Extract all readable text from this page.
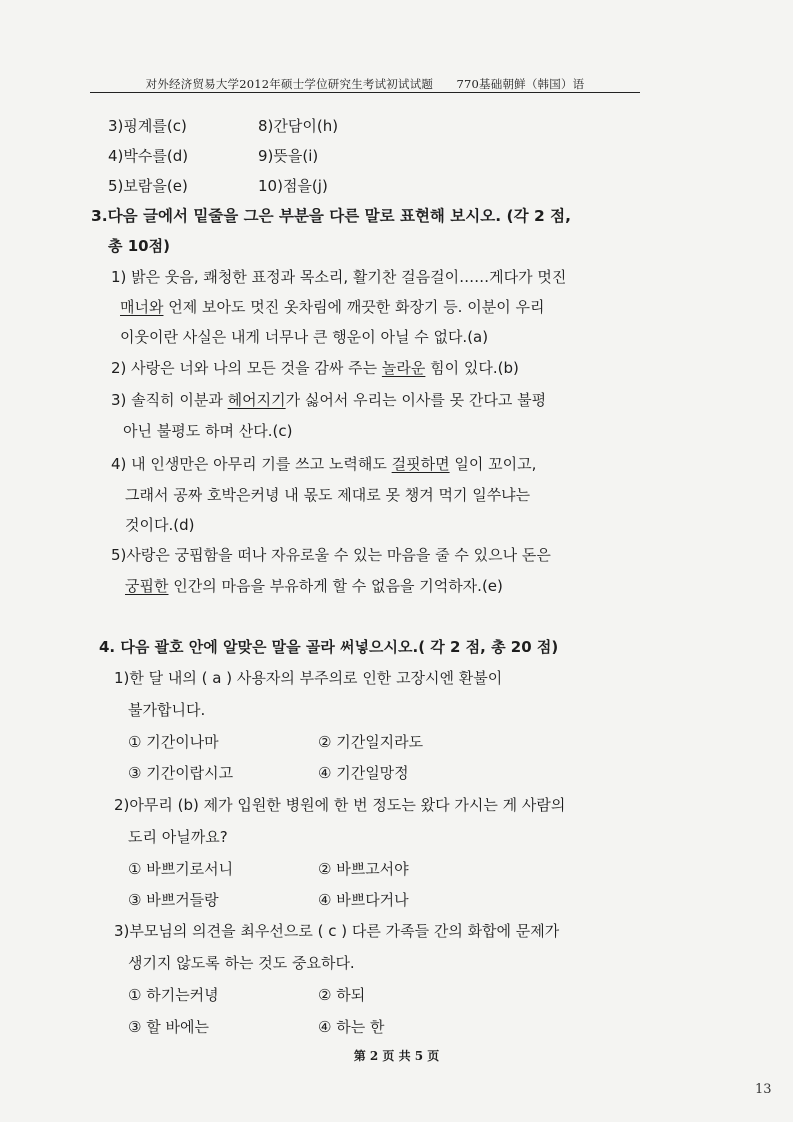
对外经济贸易大学2012年硕士学位研究生考试初试试题　　770基础朝鲜（韩国）语
3)핑계를(c)	8)간담이(h)
4)박수를(d)	9)뜻을(i)
5)보람을(e)	10)점을(j)
3.다음 글에서 밑줄을 그은 부분을 다른 말로 표현해 보시오. (각 2 점,
총 10점)
1) 밝은 웃음, 쾌청한 표정과 목소리, 활기찬 걸음걸이……게다가 멋진
매너와 언제 보아도 멋진 옷차림에 깨끗한 화장기 등. 이분이 우리
이웃이란 사실은 내게 너무나 큰 행운이 아닐 수 없다.(a)
2) 사랑은 너와 나의 모든 것을 감싸 주는 놀라운 힘이 있다.(b)
3) 솔직히 이분과 헤어지기가 싫어서 우리는 이사를 못 간다고 불평
아닌 불평도 하며 산다.(c)
4) 내 인생만은 아무리 기를 쓰고 노력해도 걸핏하면 일이 꼬이고,
그래서 공짜 호박은커녕 내 몫도 제대로 못 챙겨 먹기 일쑤냐는
것이다.(d)
5)사랑은 궁핍함을 떠나 자유로울 수 있는 마음을 줄 수 있으나 돈은
궁핍한 인간의 마음을 부유하게 할 수 없음을 기억하자.(e)
4. 다음 괄호 안에 알맞은 말을 골라 써넣으시오.( 각 2 점, 총 20 점)
1)한 달 내의 ( a ) 사용자의 부주의로 인한 고장시엔 환불이
불가합니다.
① 기간이나마	② 기간일지라도
③ 기간이랍시고	④ 기간일망정
2)아무리 (b) 제가 입원한 병원에 한 번 정도는 왔다 가시는 게 사람의
도리 아닐까요?
① 바쁘기로서니	② 바쁘고서야
③ 바쁘거들랑	④ 바쁘다거나
3)부모님의 의견을 최우선으로 ( c ) 다른 가족들 간의 화합에 문제가
생기지 않도록 하는 것도 중요하다.
① 하기는커녕	② 하되
③ 할 바에는	④ 하는 한
第 2 页 共 5 页
13
